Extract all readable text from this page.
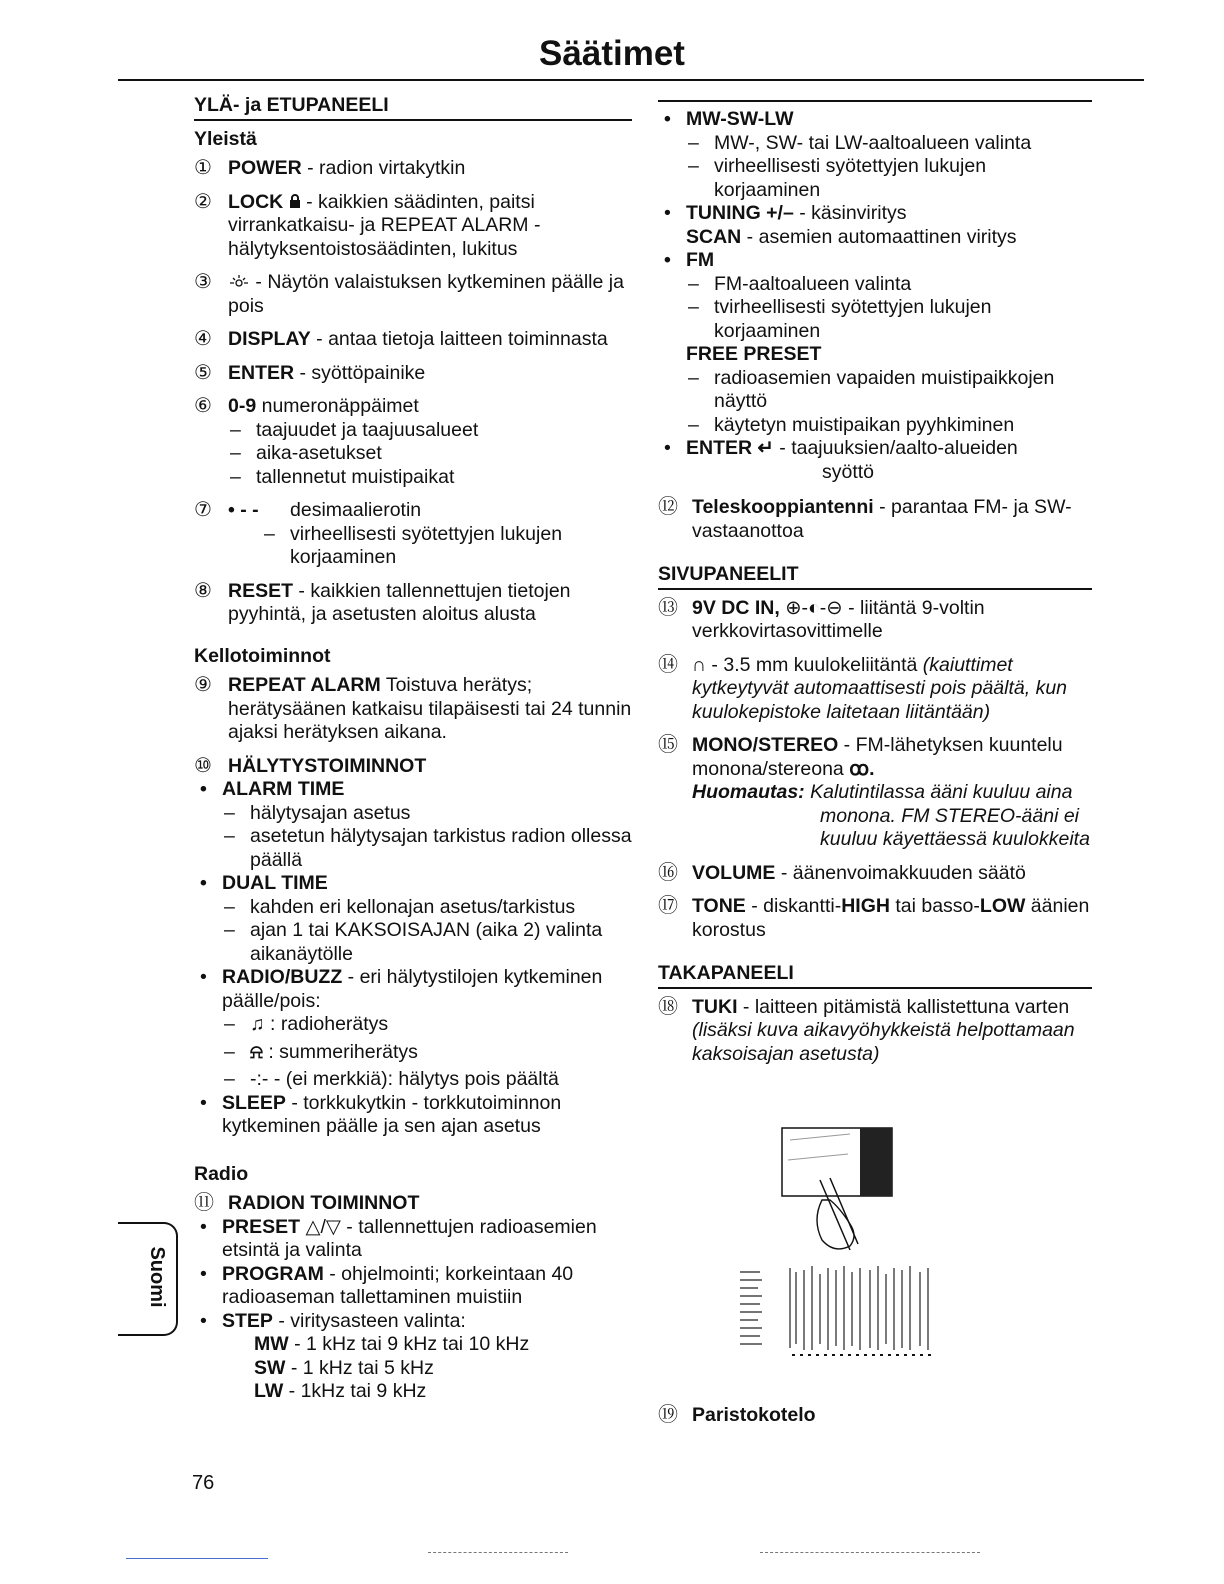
Säätimet
YLÄ- ja ETUPANEELI
Yleistä
① POWER - radion virtakytkin
② LOCK  - kaikkien säädinten, paitsi virrankatkaisu- ja REPEAT ALARM - hälytyksentoistosäädinten, lukitus
③ - Näytön valaistuksen kytkeminen päälle ja pois
④ DISPLAY - antaa tietoja laitteen toiminnasta
⑤ ENTER - syöttöpainike
⑥ 0-9 numeronäppäimet
– taajuudet ja taajuusalueet
– aika-asetukset
– tallennetut muistipaikat
⑦ • - - desimaalierotin
– virheellisesti syötettyjen lukujen korjaaminen
⑧ RESET - kaikkien tallennettujen tietojen pyyhintä, ja asetusten aloitus alusta
Kellotoiminnot
⑨ REPEAT ALARM Toistuva herätys; herätysäänen katkaisu tilapäisesti tai 24 tunnin ajaksi herätyksen aikana.
⑩ HÄLYTYSTOIMINNOT
• ALARM TIME
– hälytysajan asetus
– asetetun hälytysajan tarkistus radion ollessa päällä
• DUAL TIME
– kahden eri kellonajan asetus/tarkistus
– ajan 1 tai KAKSOISAJAN (aika 2) valinta aikanäytölle
• RADIO/BUZZ - eri hälytystilojen kytkeminen päälle/pois:
– ♫ : radioherätys
– ⍾ : summeriherätys
– -:- - (ei merkkiä): hälytys pois päältä
• SLEEP - torkkukytkin - torkkutoiminnon kytkeminen päälle ja sen ajan asetus
Radio
⑪ RADION TOIMINNOT
• PRESET △/▽ - tallennettujen radioasemien etsintä ja valinta
• PROGRAM - ohjelmointi; korkeintaan 40 radioaseman tallettaminen muistiin
• STEP - viritysasteen valinta:
MW - 1 kHz tai 9 kHz tai 10 kHz
SW - 1 kHz tai 5 kHz
LW - 1kHz tai 9 kHz
• MW-SW-LW
– MW-, SW- tai LW-aaltoalueen valinta
– virheellisesti syötettyjen lukujen korjaaminen
• TUNING +/– - käsinviritys
SCAN - asemien automaattinen viritys
• FM
– FM-aaltoalueen valinta
– tvirheellisesti syötettyjen lukujen korjaaminen
FREE PRESET
– radioasemien vapaiden muistipaikkojen näyttö
– käytetyn muistipaikan pyyhkiminen
• ENTER ↵ - taajuuksien/aalto-alueiden
syöttö
⑫ Teleskooppiantenni - parantaa FM- ja SW-vastaanottoa
SIVUPANEELIT
⑬ 9V DC IN, ⊕-◐-⊖ - liitäntä 9-voltin verkkovirtasovittimelle
⑭ ∩ - 3.5 mm kuulokeliitäntä (kaiuttimet kytkeytyvät automaattisesti pois päältä, kun kuulokepistoke laitetaan liitäntään)
⑮ MONO/STEREO - FM-lähetyksen kuuntelu monona/stereona ꝏ.
Huomautas: Kalutintilassa ääni kuuluu aina
monona. FM STEREO-ääni ei kuuluu käyettäessä kuulokkeita
⑯ VOLUME - äänenvoimakkuuden säätö
⑰ TONE - diskantti-HIGH tai basso-LOW äänien korostus
TAKAPANEELI
⑱ TUKI - laitteen pitämistä kallistettuna varten (lisäksi kuva aikavyöhykkeistä helpottamaan kaksoisajan asetusta)
⑲ Paristokotelo
Suomi
76
